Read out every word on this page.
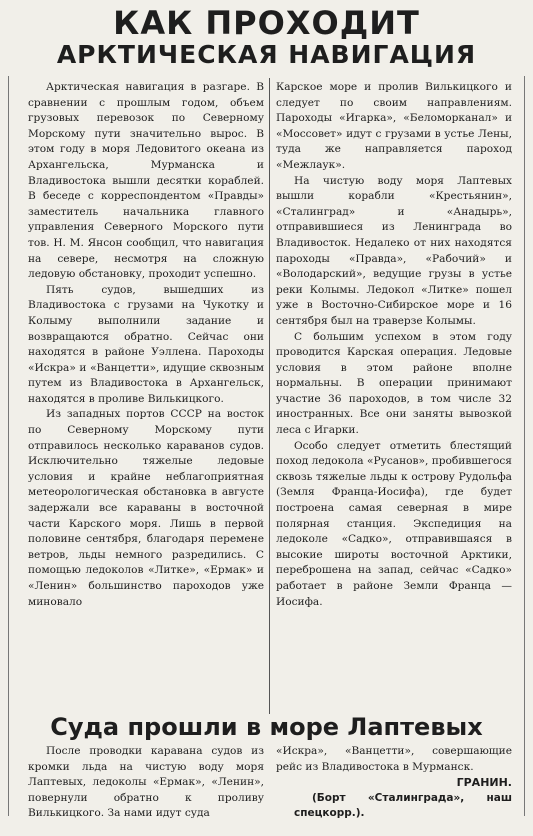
КАК ПРОХОДИТ
АРКТИЧЕСКАЯ НАВИГАЦИЯ

Арктическая навигация в разгаре. В сравнении с прошлым годом, объем грузовых перевозок по Северному Морскому пути значительно вырос. В этом году в моря Ледовитого океана из Архангельска, Мурманска и Владивостока вышли десятки кораблей. В беседе с корреспондентом «Правды» заместитель начальника главного управления Северного Морского пути тов. Н. М. Янсон сообщил, что навигация на севере, несмотря на сложную ледовую обстановку, проходит успешно.

Пять судов, вышедших из Владивостока с грузами на Чукотку и Колыму выполнили задание и возвращаются обратно. Сейчас они находятся в районе Уэллена. Пароходы «Искра» и «Ванцетти», идущие сквозным путем из Владивостока в Архангельск, находятся в проливе Вилькицкого.

Из западных портов СССР на восток по Северному Морскому пути отправилось несколько караванов судов. Исключительно тяжелые ледовые условия и крайне неблагоприятная метеорологическая обстановка в августе задержали все караваны в восточной части Карского моря. Лишь в первой половине сентября, благодаря перемене ветров, льды немного разредились. С помощью ледоколов «Литке», «Ермак» и «Ленин» большинство пароходов уже миновало

Карское море и пролив Вилькицкого и следует по своим направлениям. Пароходы «Игарка», «Беломорканал» и «Моссовет» идут с грузами в устье Лены, туда же направляется пароход «Межлаук».

На чистую воду моря Лаптевых вышли корабли «Крестьянин», «Сталинград» и «Анадырь», отправившиеся из Ленинграда во Владивосток. Недалеко от них находятся пароходы «Правда», «Рабочий» и «Володарский», ведущие грузы в устье реки Колымы. Ледокол «Литке» пошел уже в Восточно-Сибирское море и 16 сентября был на траверзе Колымы.

С большим успехом в этом году проводится Карская операция. Ледовые условия в этом районе вполне нормальны. В операции принимают участие 36 пароходов, в том числе 32 иностранных. Все они заняты вывозкой леса с Игарки.

Особо следует отметить блестящий поход ледокола «Русанов», пробившегося сквозь тяжелые льды к острову Рудольфа (Земля Франца-Иосифа), где будет построена самая северная в мире полярная станция. Экспедиция на ледоколе «Садко», отправившаяся в высокие широты восточной Арктики, переброшена на запад, сейчас «Садко» работает в районе Земли Франца — Иосифа.

Суда прошли в море Лаптевых

После проводки каравана судов из кромки льда на чистую воду моря Лаптевых, ледоколы «Ермак», «Ленин», повернули обратно к проливу Вилькицкого. За нами идут суда

«Искра», «Ванцетти», совершающие рейс из Владивостока в Мурманск.

ГРАНИН.

(Борт «Сталинграда», наш спецкорр.).
